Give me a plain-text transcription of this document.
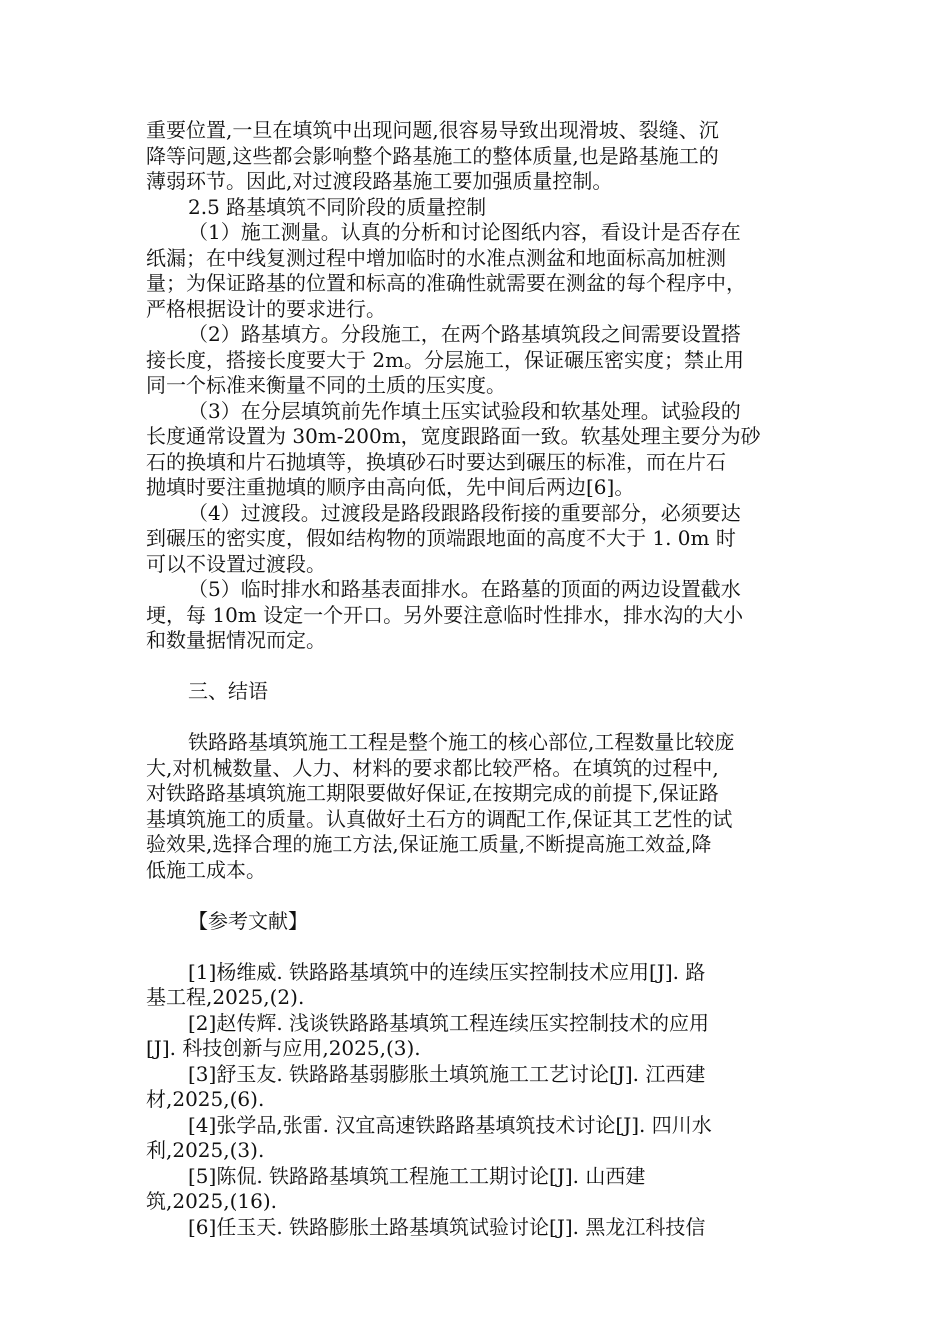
重要位置,一旦在填筑中出现问题,很容易导致出现滑坡、裂缝、沉
降等问题,这些都会影响整个路基施工的整体质量,也是路基施工的
薄弱环节。因此,对过渡段路基施工要加强质量控制。
2.5 路基填筑不同阶段的质量控制
（1）施工测量。认真的分析和讨论图纸内容，看设计是否存在
纸漏；在中线复测过程中增加临时的水准点测盆和地面标高加桩测
量；为保证路基的位置和标高的准确性就需要在测盆的每个程序中，
严格根据设计的要求进行。
（2）路基填方。分段施工，在两个路基填筑段之间需要设置搭
接长度，搭接长度要大于 2m。分层施工，保证碾压密实度；禁止用
同一个标准来衡量不同的土质的压实度。
（3）在分层填筑前先作填土压实试验段和软基处理。试验段的
长度通常设置为 30m-200m，宽度跟路面一致。软基处理主要分为砂
石的换填和片石抛填等，换填砂石时要达到碾压的标准，而在片石
抛填时要注重抛填的顺序由高向低，先中间后两边[6]。
（4）过渡段。过渡段是路段跟路段衔接的重要部分，必须要达
到碾压的密实度，假如结构物的顶端跟地面的高度不大于 1. 0m 时
可以不设置过渡段。
（5）临时排水和路基表面排水。在路墓的顶面的两边设置截水
埂，每 10m 设定一个开口。另外要注意临时性排水，排水沟的大小
和数量据情况而定。
三、结语
铁路路基填筑施工工程是整个施工的核心部位,工程数量比较庞
大,对机械数量、人力、材料的要求都比较严格。在填筑的过程中,
对铁路路基填筑施工期限要做好保证,在按期完成的前提下,保证路
基填筑施工的质量。认真做好土石方的调配工作,保证其工艺性的试
验效果,选择合理的施工方法,保证施工质量,不断提高施工效益,降
低施工成本。
【参考文献】
[1]杨维威. 铁路路基填筑中的连续压实控制技术应用[J]. 路
基工程,2025,(2).
[2]赵传辉. 浅谈铁路路基填筑工程连续压实控制技术的应用
[J]. 科技创新与应用,2025,(3).
[3]舒玉友. 铁路路基弱膨胀土填筑施工工艺讨论[J]. 江西建
材,2025,(6).
[4]张学品,张雷. 汉宜高速铁路路基填筑技术讨论[J]. 四川水
利,2025,(3).
[5]陈侃. 铁路路基填筑工程施工工期讨论[J]. 山西建
筑,2025,(16).
[6]任玉天. 铁路膨胀土路基填筑试验讨论[J]. 黑龙江科技信
